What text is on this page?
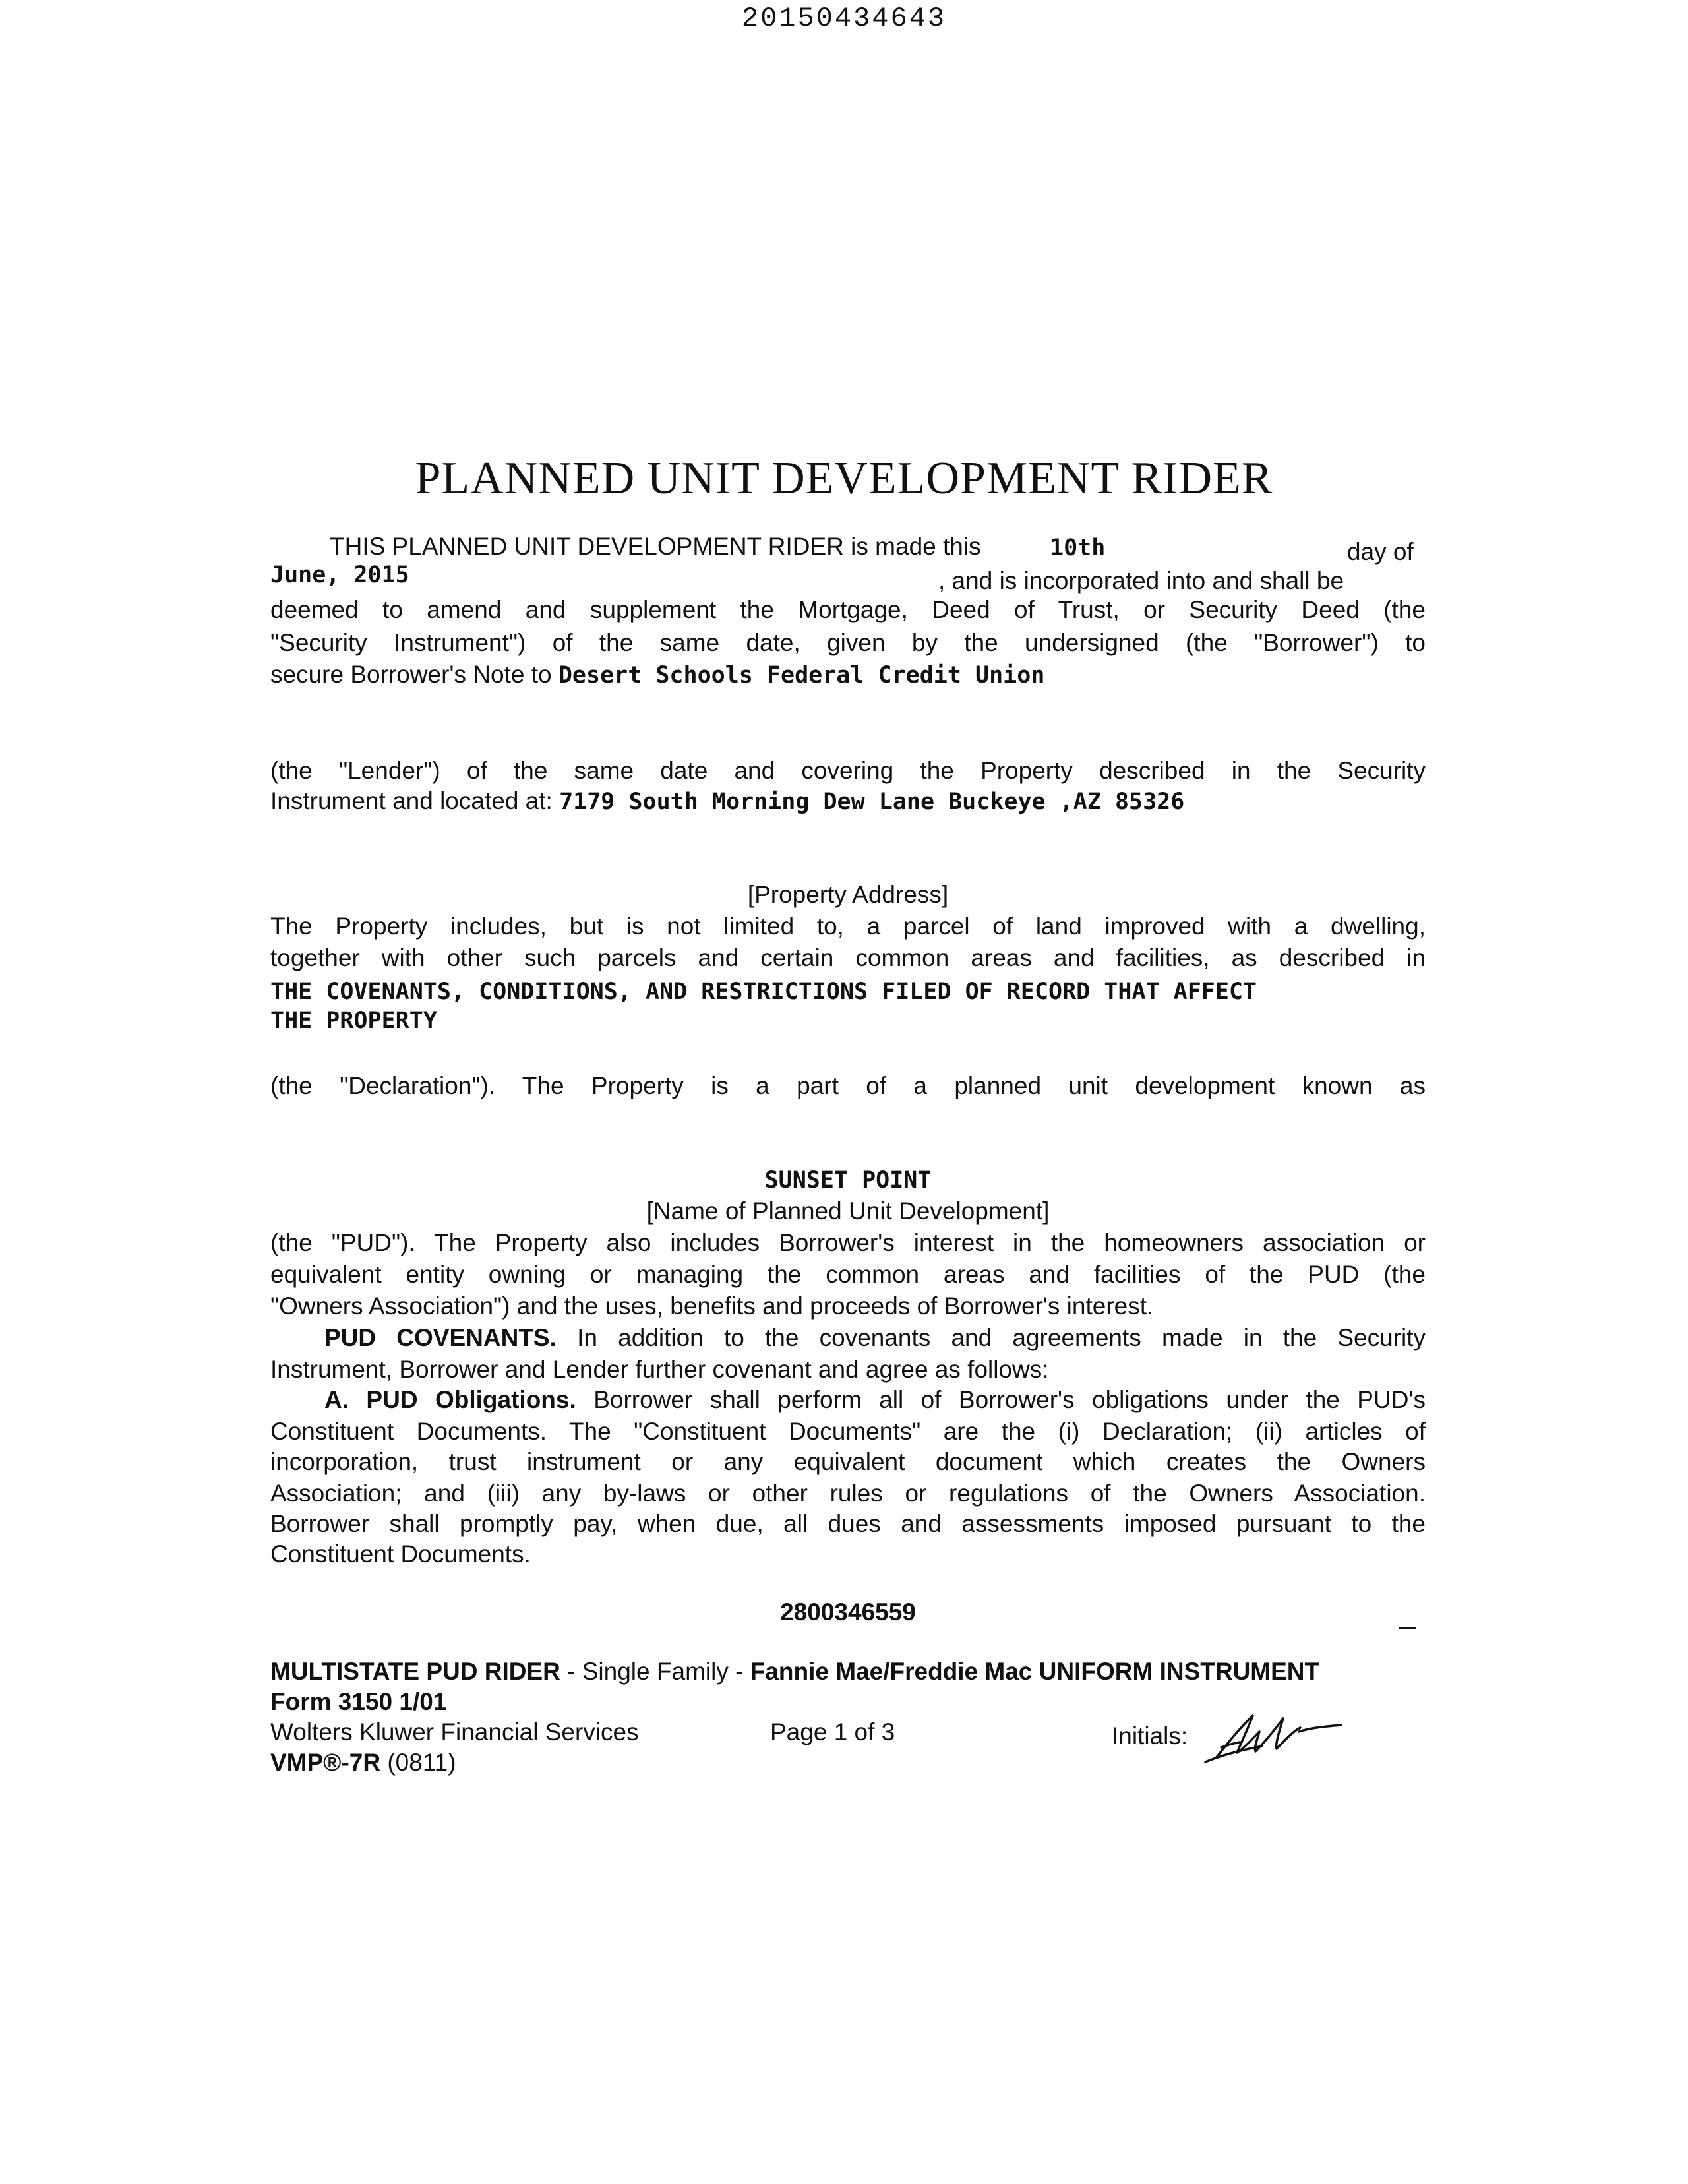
20150434643
PLANNED UNIT DEVELOPMENT RIDER
THIS PLANNED UNIT DEVELOPMENT RIDER is made this	10th	day of
June, 2015	, and is incorporated into and shall be
deemed to amend and supplement the Mortgage, Deed of Trust, or Security Deed (the
"Security Instrument") of the same date, given by the undersigned (the "Borrower") to
secure Borrower's Note to Desert Schools Federal Credit Union
(the "Lender") of the same date and covering the Property described in the Security
Instrument and located at: 7179 South Morning Dew Lane Buckeye ,AZ 85326
[Property Address]
The Property includes, but is not limited to, a parcel of land improved with a dwelling,
together with other such parcels and certain common areas and facilities, as described in
THE COVENANTS, CONDITIONS, AND RESTRICTIONS FILED OF RECORD THAT AFFECT
THE PROPERTY
(the "Declaration"). The Property is a part of a planned unit development known as
SUNSET POINT
[Name of Planned Unit Development]
(the "PUD"). The Property also includes Borrower's interest in the homeowners association or
equivalent entity owning or managing the common areas and facilities of the PUD (the
"Owners Association") and the uses, benefits and proceeds of Borrower's interest.
PUD COVENANTS. In addition to the covenants and agreements made in the Security
Instrument, Borrower and Lender further covenant and agree as follows:
A. PUD Obligations. Borrower shall perform all of Borrower's obligations under the PUD's
Constituent Documents. The "Constituent Documents" are the (i) Declaration; (ii) articles of
incorporation, trust instrument or any equivalent document which creates the Owners
Association; and (iii) any by-laws or other rules or regulations of the Owners Association.
Borrower shall promptly pay, when due, all dues and assessments imposed pursuant to the
Constituent Documents.
2800346559
MULTISTATE PUD RIDER - Single Family - Fannie Mae/Freddie Mac UNIFORM INSTRUMENT
Form 3150 1/01
Wolters Kluwer Financial Services	Page 1 of 3	Initials:
VMP®-7R (0811)
